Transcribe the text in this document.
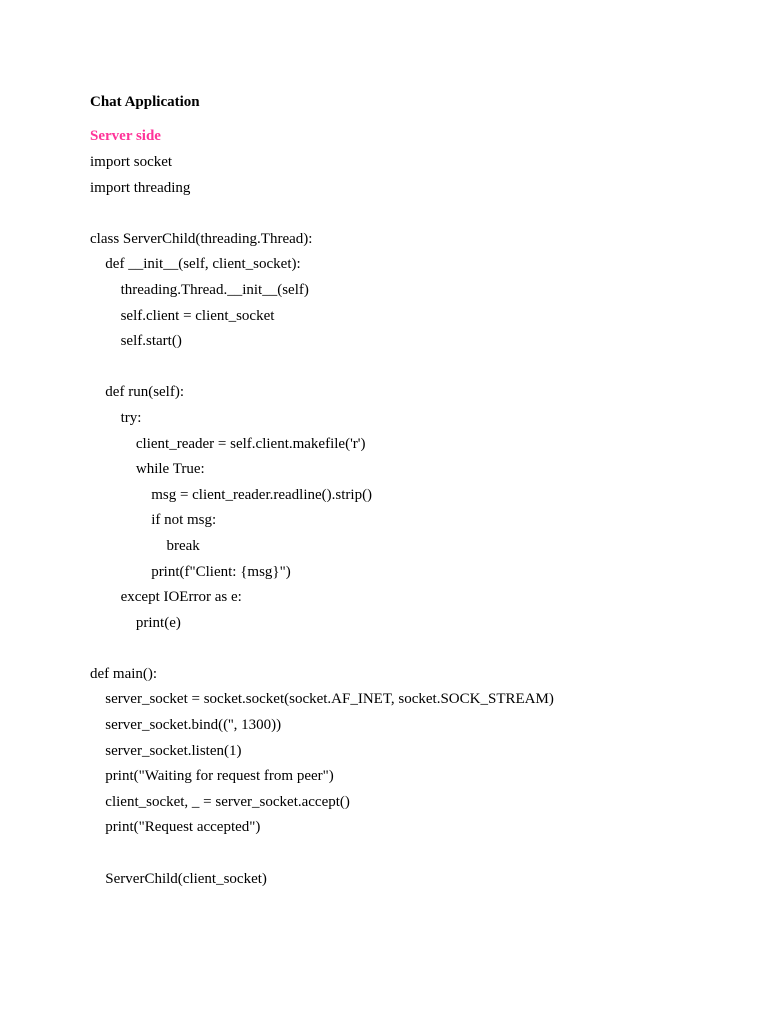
Chat Application
Server side
import socket
import threading
class ServerChild(threading.Thread):
def __init__(self, client_socket):
threading.Thread.__init__(self)
self.client = client_socket
self.start()
def run(self):
try:
client_reader = self.client.makefile('r')
while True:
msg = client_reader.readline().strip()
if not msg:
break
print(f"Client: {msg}")
except IOError as e:
print(e)
def main():
server_socket = socket.socket(socket.AF_INET, socket.SOCK_STREAM)
server_socket.bind(('', 1300))
server_socket.listen(1)
print("Waiting for request from peer")
client_socket, _ = server_socket.accept()
print("Request accepted")
ServerChild(client_socket)
